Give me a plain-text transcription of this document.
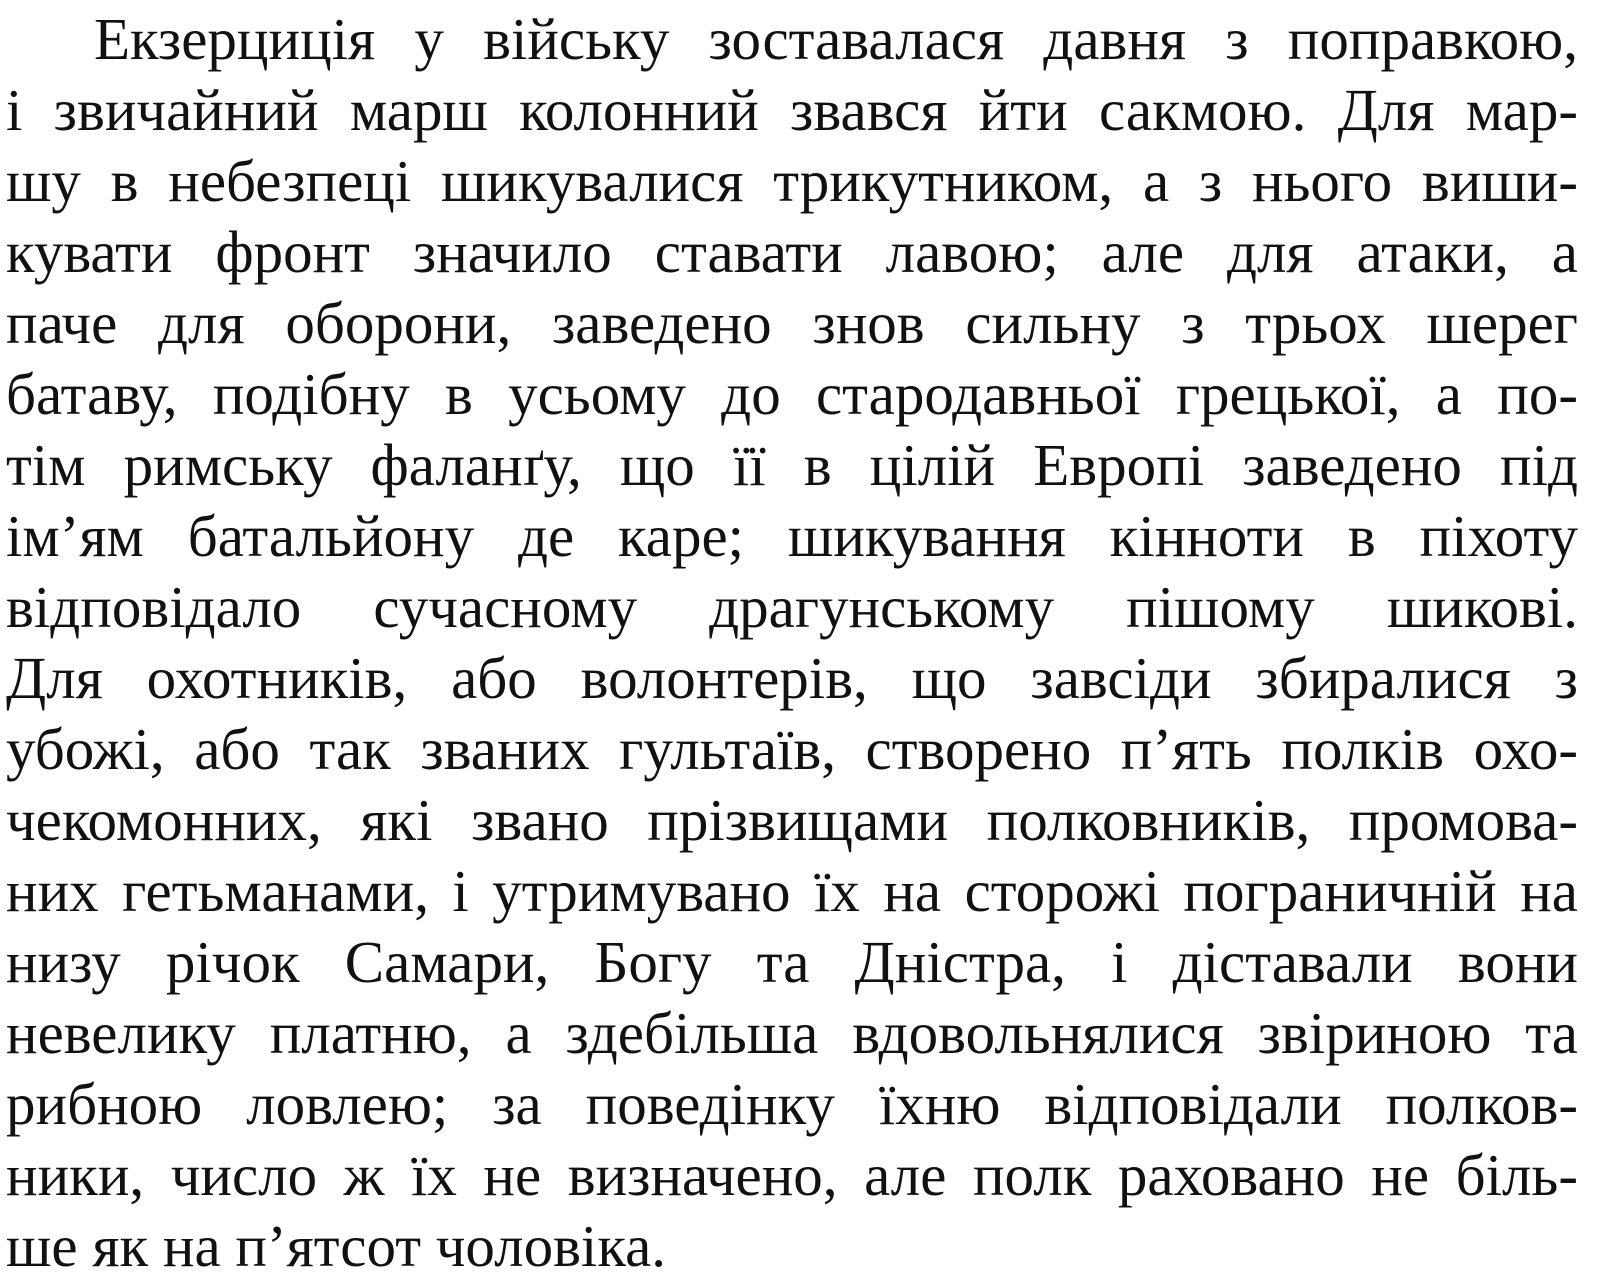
Екзерциція у війську зоставалася давня з поправкою,
і звичайний марш колонний звався йти сакмою. Для мар-
шу в небезпеці шикувалися трикутником, а з нього виши-
кувати фронт значило ставати лавою; але для атаки, а
паче для оборони, заведено знов сильну з трьох шерег
батаву, подібну в усьому до стародавньої грецької, а по-
тім римську фаланґу, що її в цілій Европі заведено під
ім’ям батальйону де каре; шикування кінноти в піхоту
відповідало сучасному драгунському пішому шикові.
Для охотників, або волонтерів, що завсіди збиралися з
убожі, або так званих гультаїв, створено п’ять полків охо-
чекомонних, які звано прізвищами полковників, промова-
них гетьманами, і утримувано їх на сторожі пограничній на
низу річок Самари, Богу та Дністра, і діставали вони
невелику платню, а здебільша вдовольнялися звіриною та
рибною ловлею; за поведінку їхню відповідали полков-
ники, число ж їх не визначено, але полк раховано не біль-
ше як на п’ятсот чоловіка.
